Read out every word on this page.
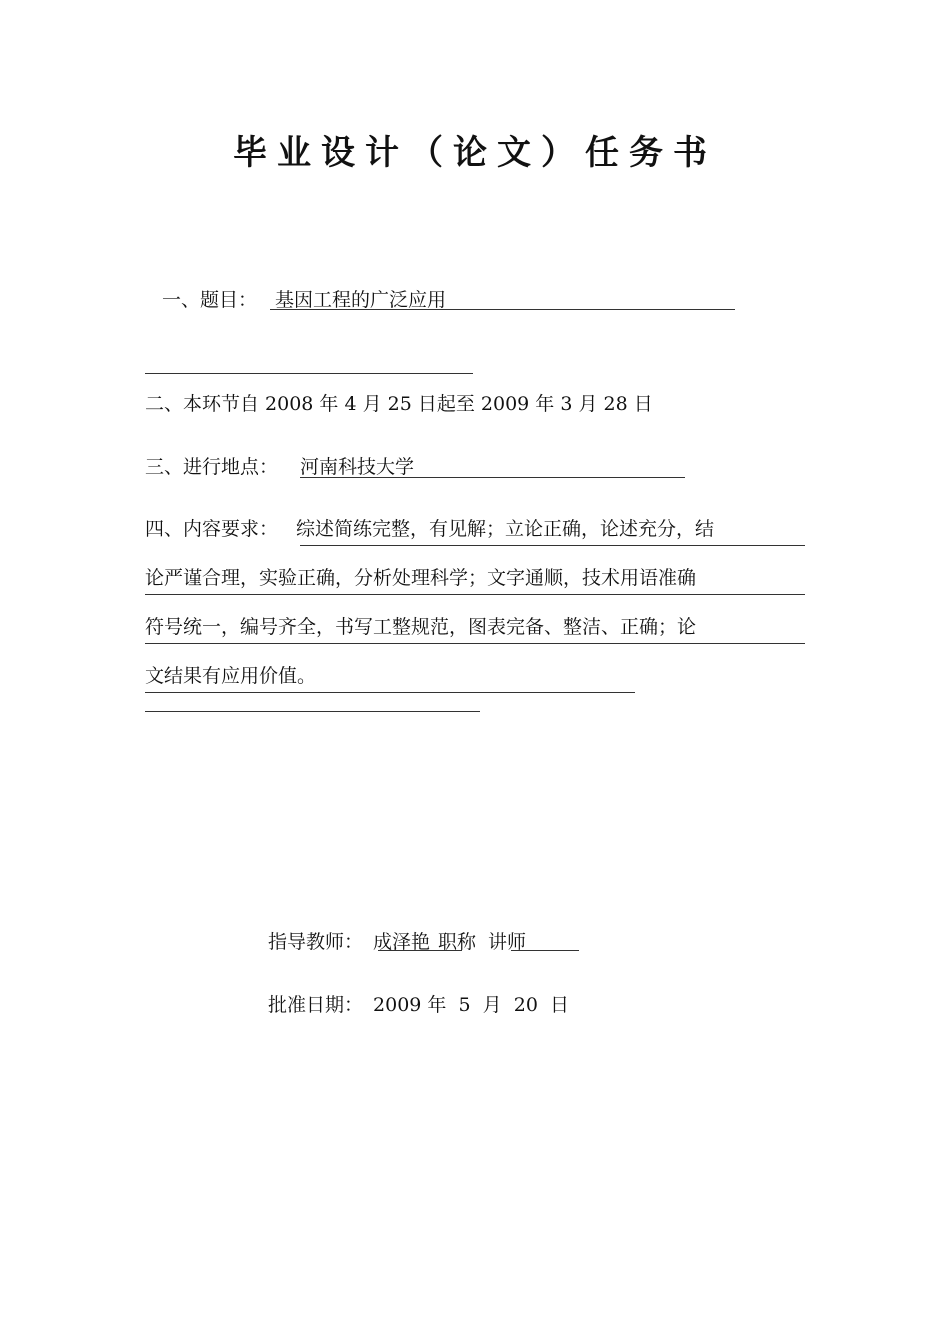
毕业设计（论文）任务书
一、题目： 基因工程的广泛应用
二、本环节自 2008 年 4 月 25 日起至 2009 年 3 月 28 日
三、进行地点： 河南科技大学
四、内容要求： 综述简练完整，有见解；立论正确，论述充分，结
论严谨合理，实验正确，分析处理科学；文字通顺，技术用语准确
符号统一，编号齐全，书写工整规范，图表完备、整洁、正确；论
文结果有应用价值。
指导教师： 成泽艳 职称 讲师
批准日期： 2009 年  5  月  20  日
